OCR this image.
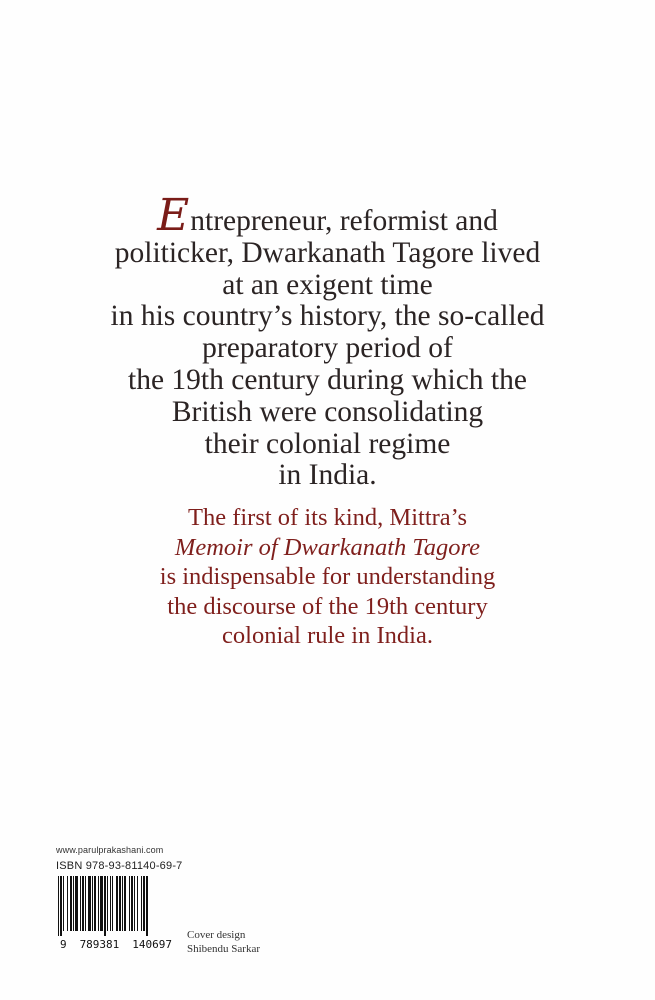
Entrepreneur, reformist and
politicker, Dwarkanath Tagore lived
at an exigent time
in his country’s history, the so-called
preparatory period of
the 19th century during which the
British were consolidating
their colonial regime
in India.
The first of its kind, Mittra’s
Memoir of Dwarkanath Tagore
is indispensable for understanding
the discourse of the 19th century
colonial rule in India.
www.parulprakashani.com
ISBN 978-93-81140-69-7
9 789381 140697
Cover design
Shibendu Sarkar
